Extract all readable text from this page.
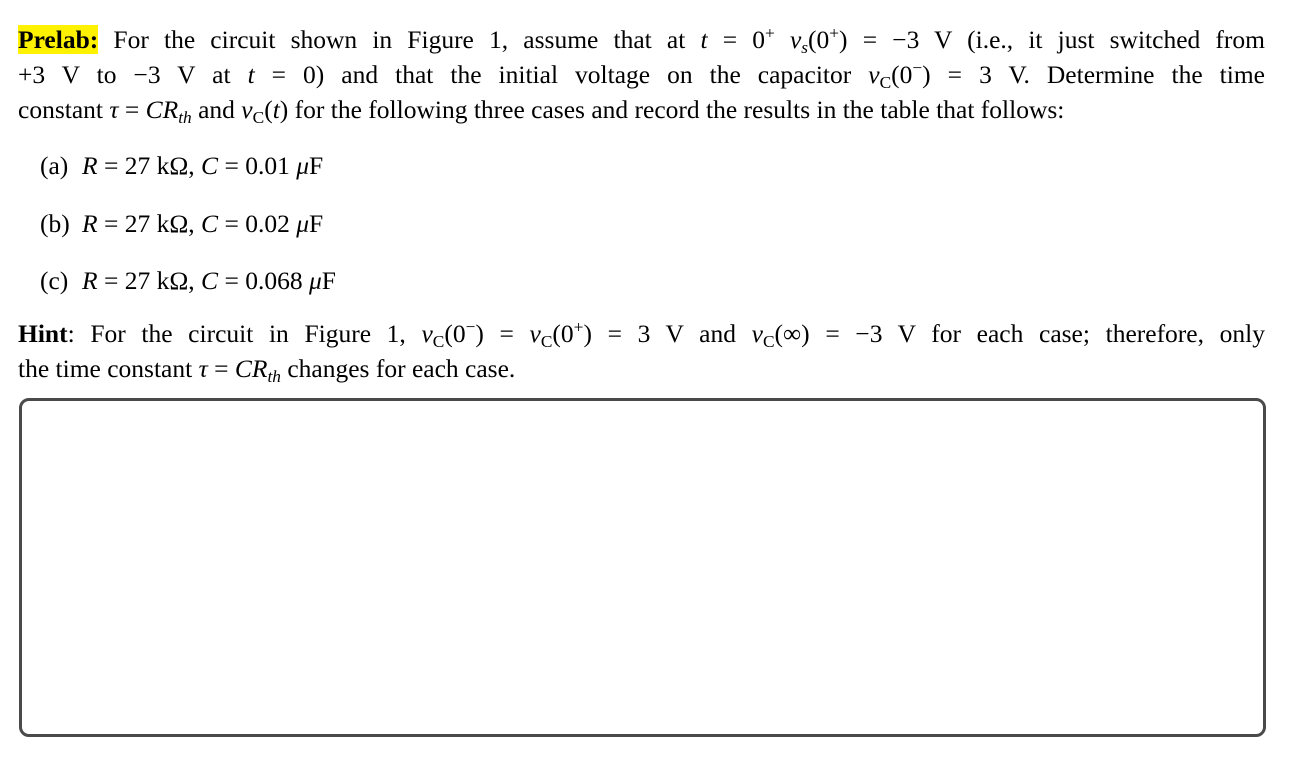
Prelab: For the circuit shown in Figure 1, assume that at t = 0+ $v_s(0^+) = -3$ V (i.e., it just switched from
+3 V to −3 V at t = 0) and that the initial voltage on the capacitor $v_C(0^-) = 3$ V. Determine the time
constant $\tau = CR_{th}$ and $v_C(t)$ for the following three cases and record the results in the table that follows:
(a) R = 27 kΩ, C = 0.01 μF
(b) R = 27 kΩ, C = 0.02 μF
(c) R = 27 kΩ, C = 0.068 μF
Hint: For the circuit in Figure 1, $v_C(0^-) = v_C(0^+) = 3$ V and $v_C(\infty) = -3$ V for each case; therefore, only
the time constant $\tau = CR_{th}$ changes for each case.
